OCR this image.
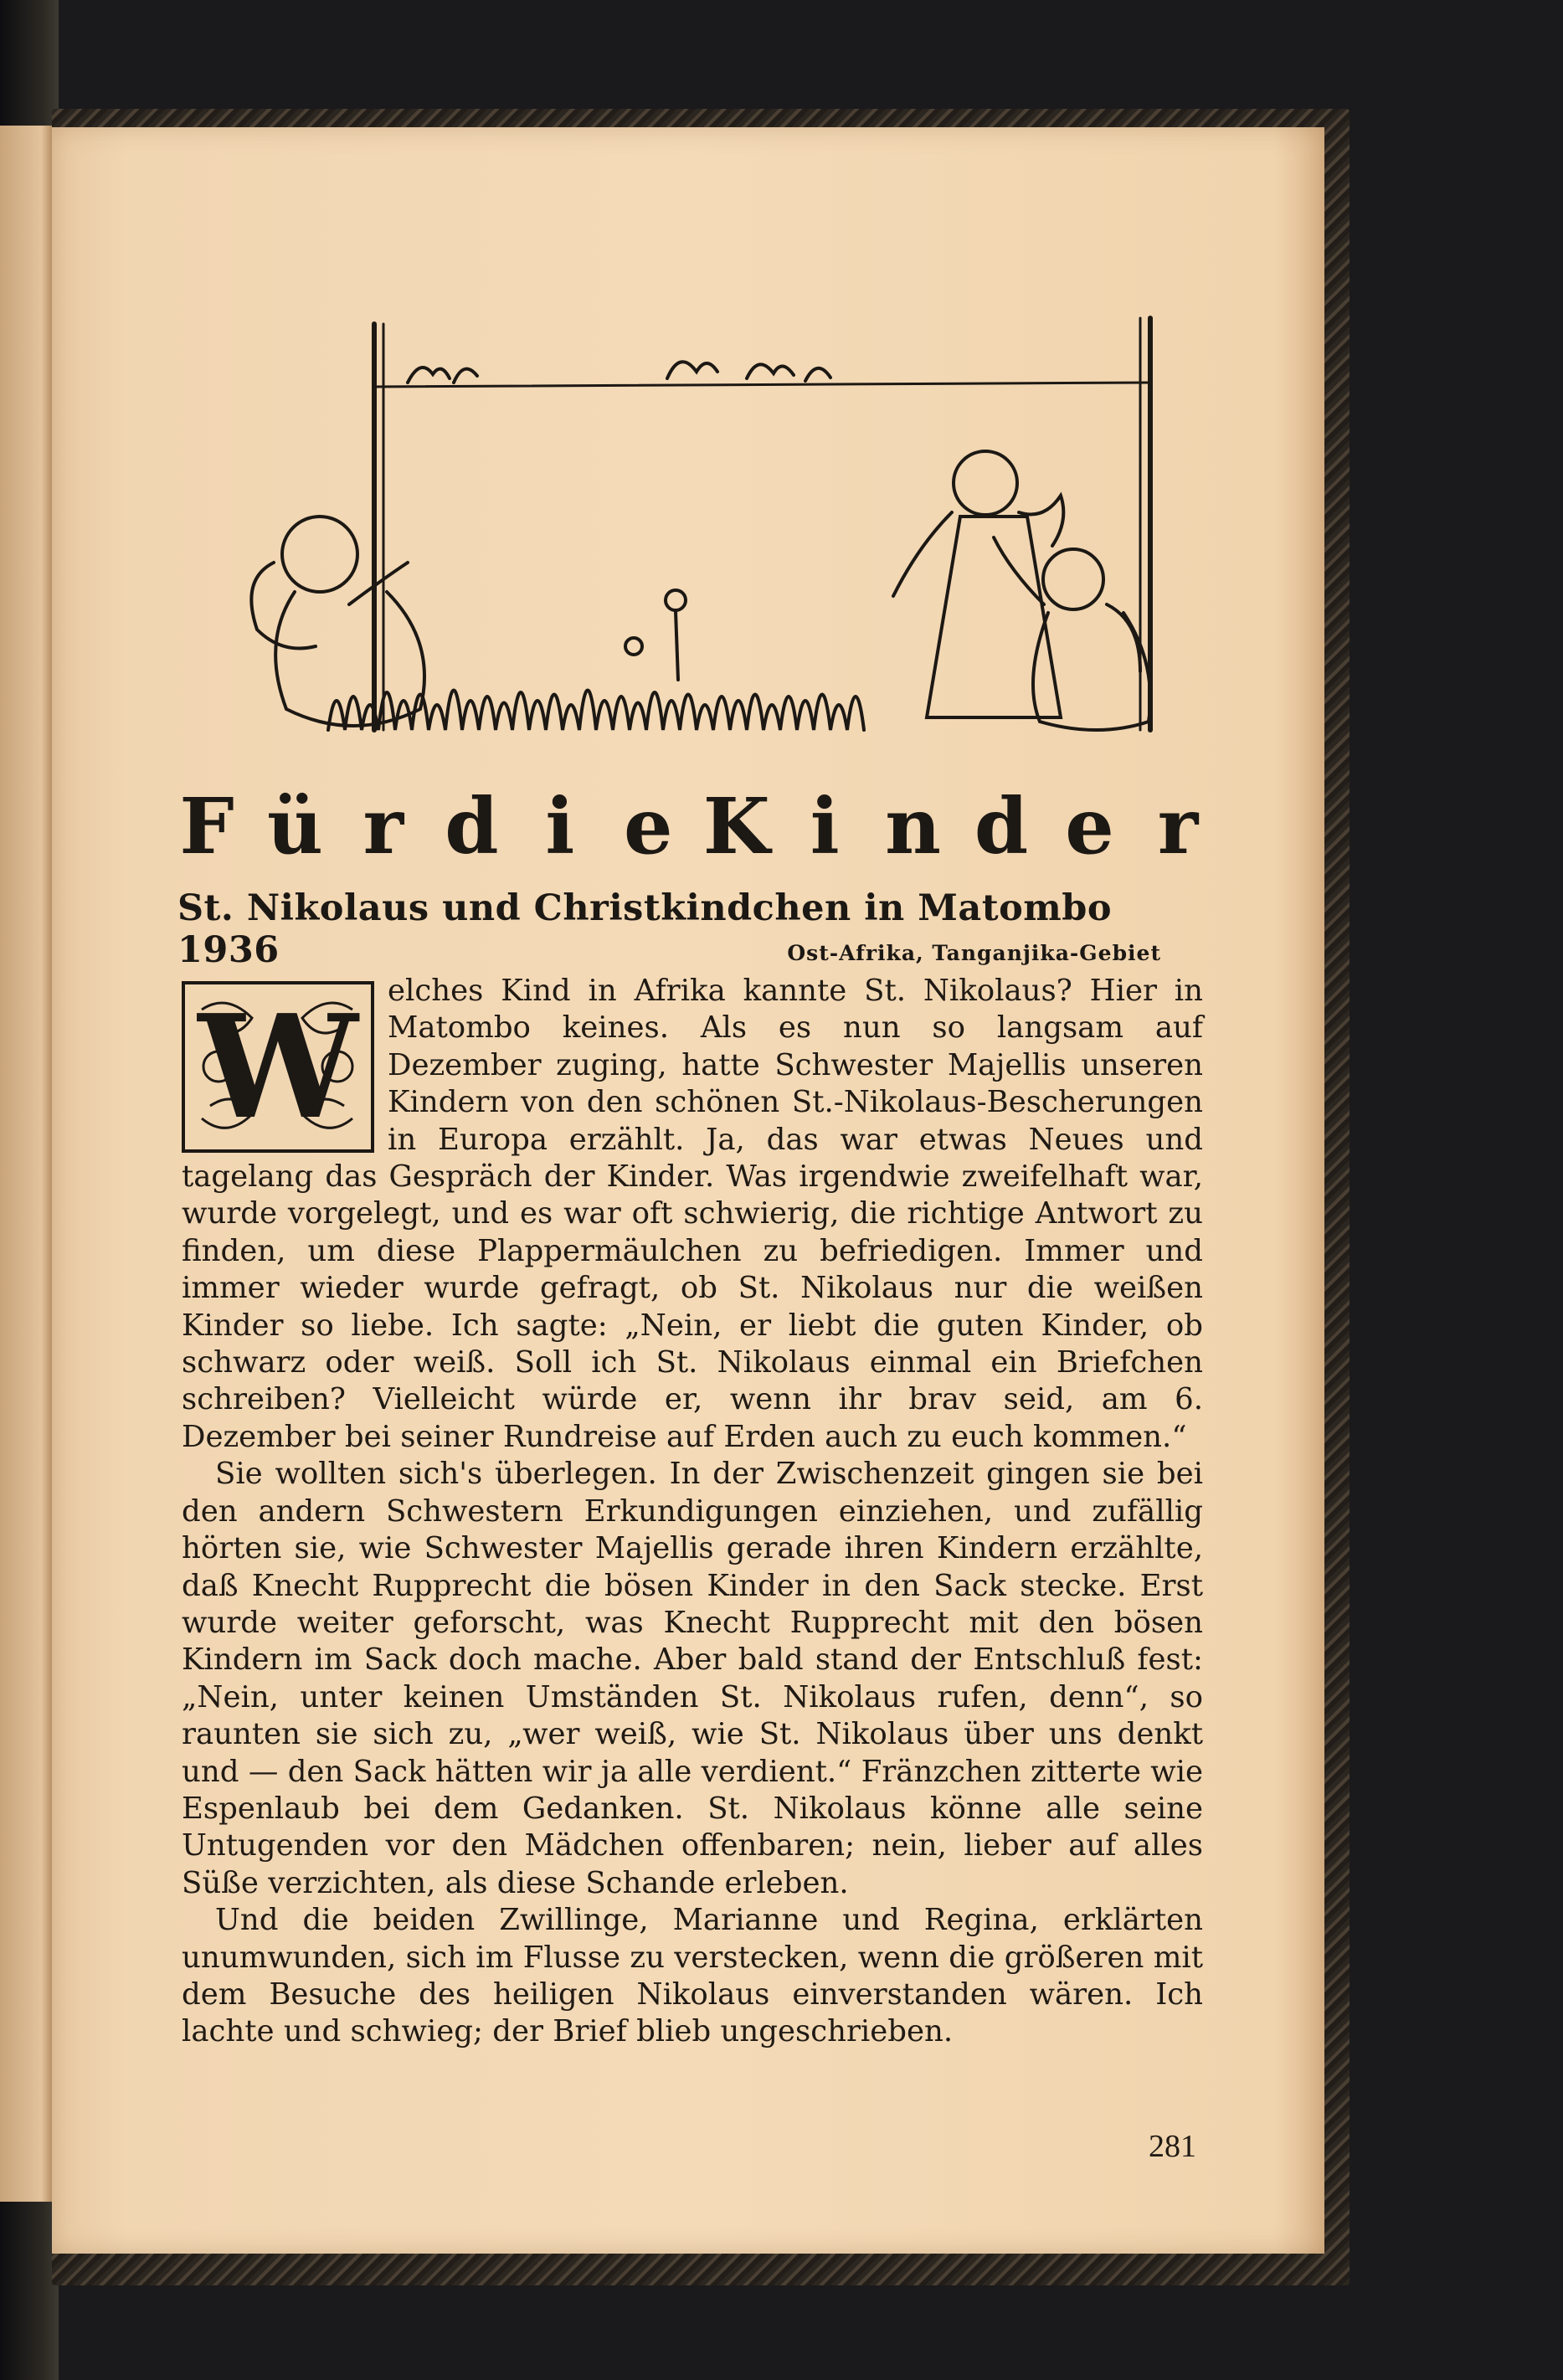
F ü r d i e K i n d e r
St. Nikolaus und Christkindchen in Matombo 1936	Ost-Afrika, Tanganjika-Gebiet
W	elches Kind in Afrika kannte St. Nikolaus? Hier in Matombo keines. Als es nun so langsam auf Dezember zuging, hatte Schwester Majellis unseren Kindern von den schönen St.-Nikolaus-Bescherungen in Europa erzählt. Ja, das war etwas Neues und tagelang das Gespräch der Kinder. Was irgendwie zweifelhaft war, wurde vorgelegt, und es war oft schwierig, die richtige Antwort zu finden, um diese Plappermäulchen zu befriedigen. Immer und immer wieder wurde gefragt, ob St. Nikolaus nur die weißen Kinder so liebe. Ich sagte: „Nein, er liebt die guten Kinder, ob schwarz oder weiß. Soll ich St. Nikolaus einmal ein Briefchen schreiben? Vielleicht würde er, wenn ihr brav seid, am 6. Dezember bei seiner Rundreise auf Erden auch zu euch kommen.“

Sie wollten sich's überlegen. In der Zwischenzeit gingen sie bei den andern Schwestern Erkundigungen einziehen, und zufällig hörten sie, wie Schwester Majellis gerade ihren Kindern erzählte, daß Knecht Rupprecht die bösen Kinder in den Sack stecke. Erst wurde weiter geforscht, was Knecht Rupprecht mit den bösen Kindern im Sack doch mache. Aber bald stand der Entschluß fest: „Nein, unter keinen Umständen St. Nikolaus rufen, denn“, so raunten sie sich zu, „wer weiß, wie St. Nikolaus über uns denkt und — den Sack hätten wir ja alle verdient.“ Fränzchen zitterte wie Espenlaub bei dem Gedanken. St. Nikolaus könne alle seine Untugenden vor den Mädchen offenbaren; nein, lieber auf alles Süße verzichten, als diese Schande erleben.

Und die beiden Zwillinge, Marianne und Regina, erklärten unumwunden, sich im Flusse zu verstecken, wenn die größeren mit dem Besuche des heiligen Nikolaus einverstanden wären. Ich lachte und schwieg; der Brief blieb ungeschrieben.

281
